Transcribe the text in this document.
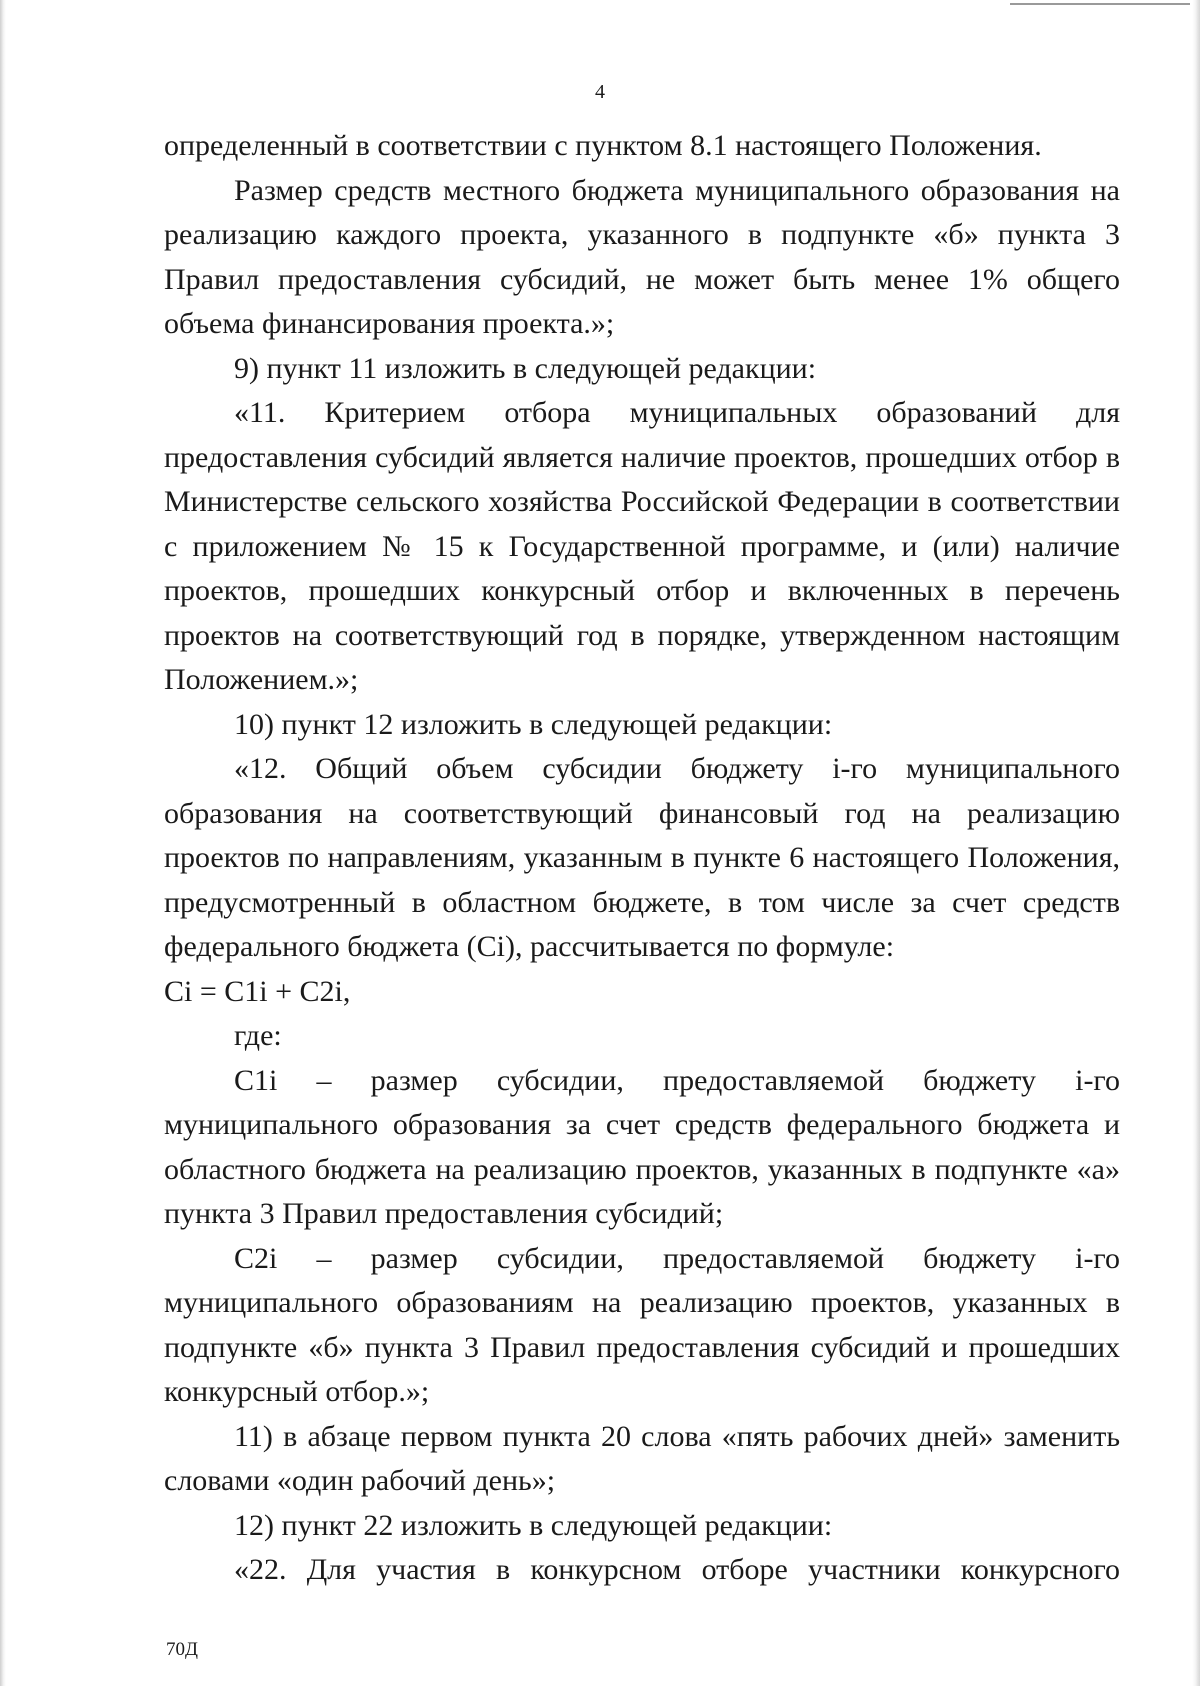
4

определенный в соответствии с пунктом 8.1 настоящего Положения.

Размер средств местного бюджета муниципального образования на реализацию каждого проекта, указанного в подпункте «б» пункта 3 Правил предоставления субсидий, не может быть менее 1% общего объема финансирования проекта.»;

9) пункт 11 изложить в следующей редакции:

«11. Критерием отбора муниципальных образований для предоставления субсидий является наличие проектов, прошедших отбор в Министерстве сельского хозяйства Российской Федерации в соответствии с приложением № 15 к Государственной программе, и (или) наличие проектов, прошедших конкурсный отбор и включенных в перечень проектов на соответствующий год в порядке, утвержденном настоящим Положением.»;

10) пункт 12 изложить в следующей редакции:

«12. Общий объем субсидии бюджету i-го муниципального образования на соответствующий финансовый год на реализацию проектов по направлениям, указанным в пункте 6 настоящего Положения, предусмотренный в областном бюджете, в том числе за счет средств федерального бюджета (Ci), рассчитывается по формуле:

Ci = C1i + C2i,

где:

C1i – размер субсидии, предоставляемой бюджету i-го муниципального образования за счет средств федерального бюджета и областного бюджета на реализацию проектов, указанных в подпункте «а» пункта 3 Правил предоставления субсидий;

C2i – размер субсидии, предоставляемой бюджету i-го муниципального образованиям на реализацию проектов, указанных в подпункте «б» пункта 3 Правил предоставления субсидий и прошедших конкурсный отбор.»;

11) в абзаце первом пункта 20 слова «пять рабочих дней» заменить словами «один рабочий день»;

12) пункт 22 изложить в следующей редакции:

«22. Для участия в конкурсном отборе участники конкурсного

70Д
